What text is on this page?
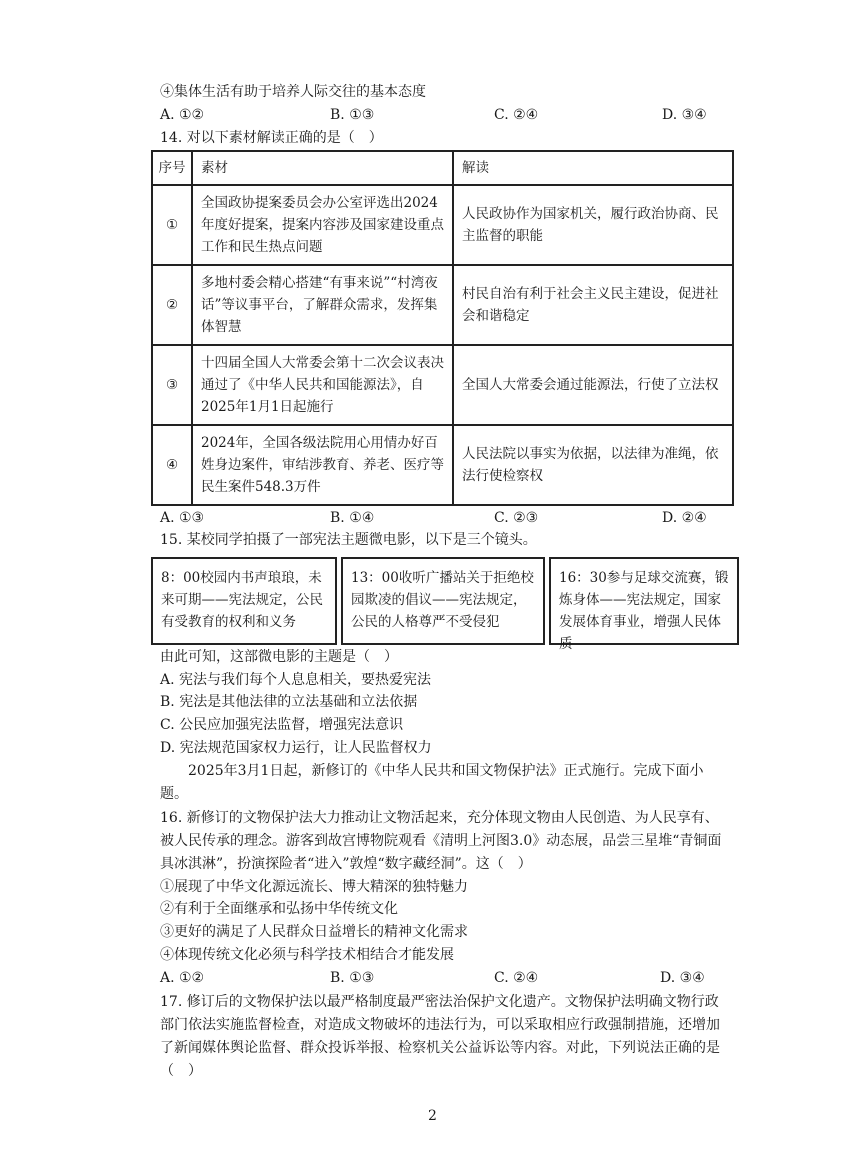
④集体生活有助于培养人际交往的基本态度
A. ①②	B. ①③	C. ②④	D. ③④
14. 对以下素材解读正确的是（　）
序号	素材	解读
①	全国政协提案委员会办公室评选出2024年度好提案，提案内容涉及国家建设重点工作和民生热点问题	人民政协作为国家机关，履行政治协商、民主监督的职能
②	多地村委会精心搭建“有事来说”“村湾夜话”等议事平台，了解群众需求，发挥集体智慧	村民自治有利于社会主义民主建设，促进社会和谐稳定
③	十四届全国人大常委会第十二次会议表决通过了《中华人民共和国能源法》，自2025年1月1日起施行	全国人大常委会通过能源法，行使了立法权
④	2024年，全国各级法院用心用情办好百姓身边案件，审结涉教育、养老、医疗等民生案件548.3万件	人民法院以事实为依据，以法律为准绳，依法行使检察权
A. ①③	B. ①④	C. ②③	D. ②④
15. 某校同学拍摄了一部宪法主题微电影，以下是三个镜头。
8：00校园内书声琅琅，未来可期——宪法规定，公民有受教育的权利和义务
13：00收听广播站关于拒绝校园欺凌的倡议——宪法规定，公民的人格尊严不受侵犯
16：30参与足球交流赛，锻炼身体——宪法规定，国家发展体育事业，增强人民体质
由此可知，这部微电影的主题是（　）
A. 宪法与我们每个人息息相关，要热爱宪法
B. 宪法是其他法律的立法基础和立法依据
C. 公民应加强宪法监督，增强宪法意识
D. 宪法规范国家权力运行，让人民监督权力
2025年3月1日起，新修订的《中华人民共和国文物保护法》正式施行。完成下面小
题。
16. 新修订的文物保护法大力推动让文物活起来，充分体现文物由人民创造、为人民享有、
被人民传承的理念。游客到故宫博物院观看《清明上河图3.0》动态展，品尝三星堆“青铜面
具冰淇淋”，扮演探险者“进入”敦煌“数字藏经洞”。这（　）
①展现了中华文化源远流长、博大精深的独特魅力
②有利于全面继承和弘扬中华传统文化
③更好的满足了人民群众日益增长的精神文化需求
④体现传统文化必须与科学技术相结合才能发展
A. ①②	B. ①③	C. ②④	D. ③④
17. 修订后的文物保护法以最严格制度最严密法治保护文化遗产。文物保护法明确文物行政
部门依法实施监督检查，对造成文物破坏的违法行为，可以采取相应行政强制措施，还增加
了新闻媒体舆论监督、群众投诉举报、检察机关公益诉讼等内容。对此，下列说法正确的是
（　）
2
